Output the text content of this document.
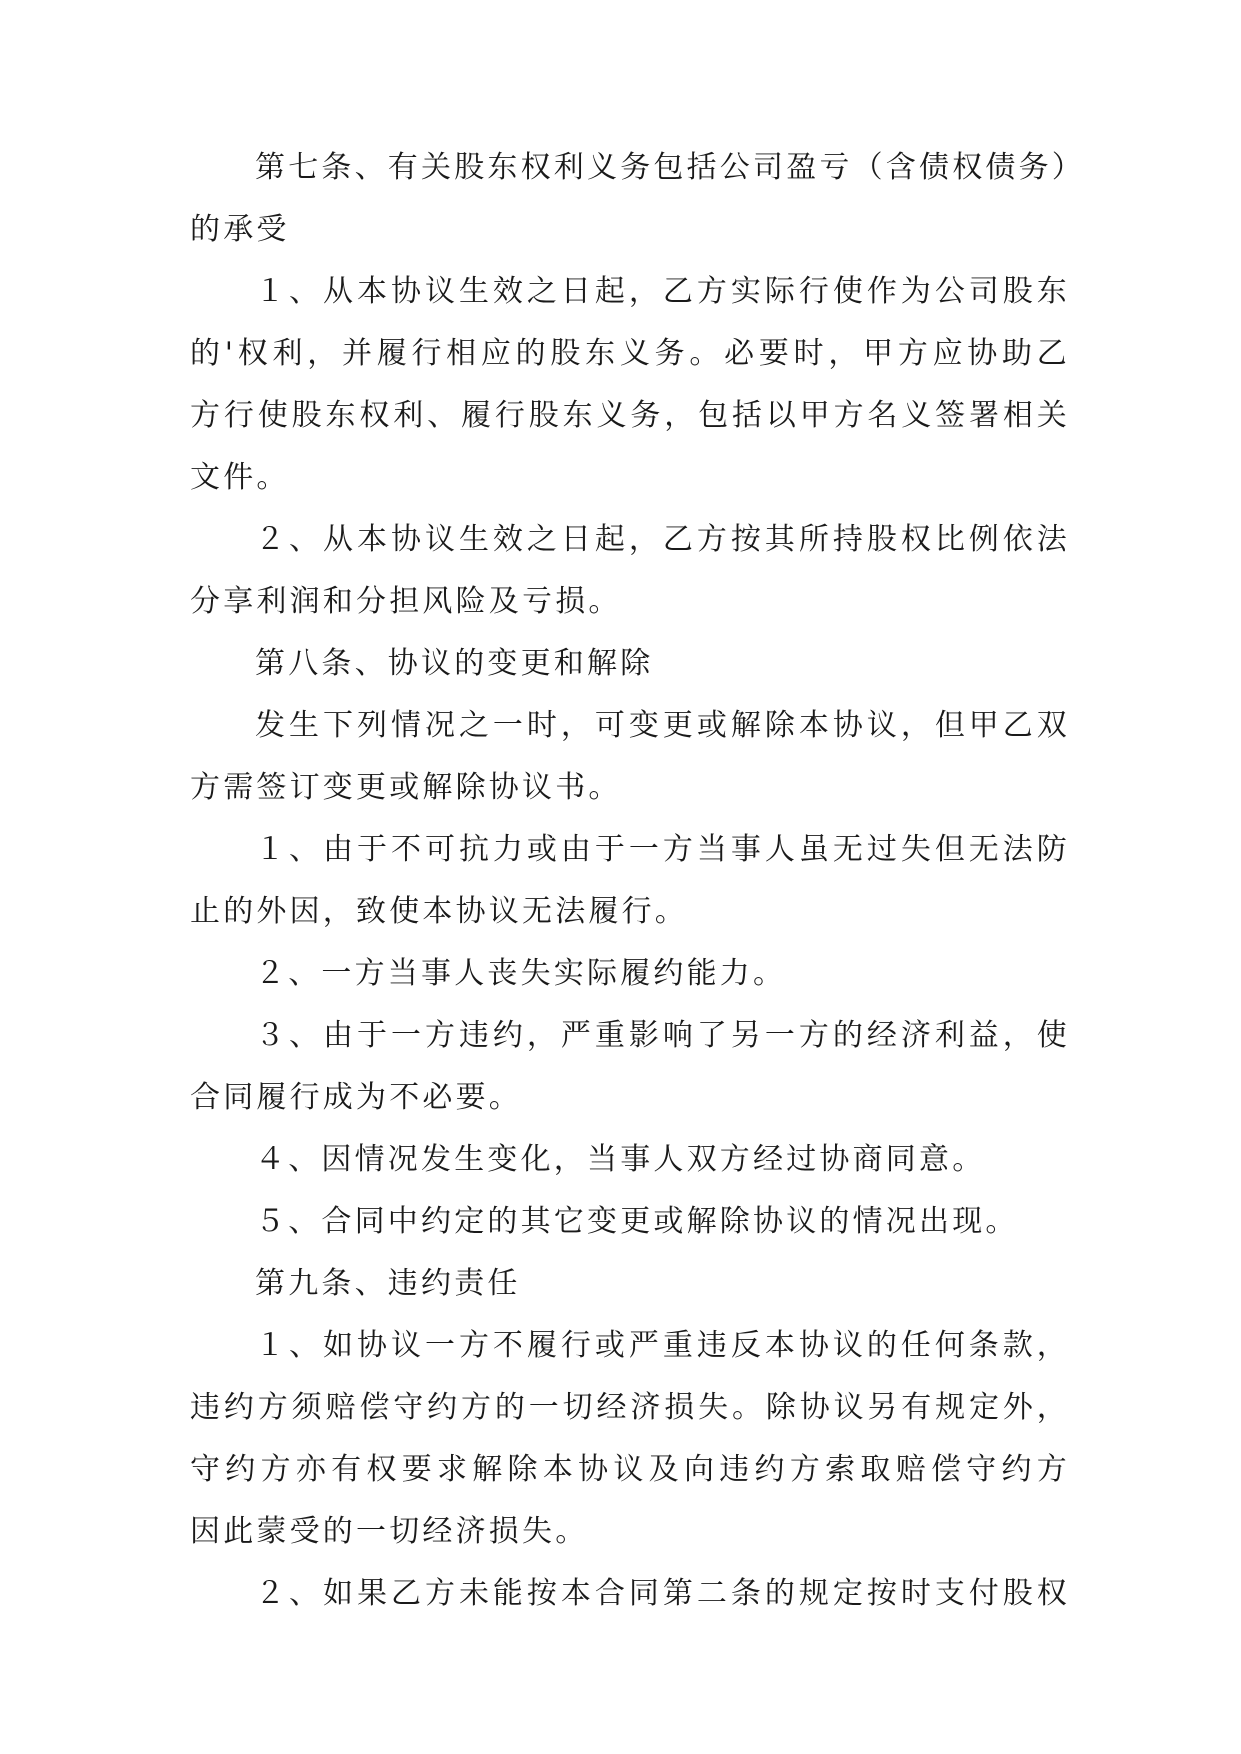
第七条、有关股东权利义务包括公司盈亏（含债权债务）
的承受
１、从本协议生效之日起，乙方实际行使作为公司股东
的'权利，并履行相应的股东义务。必要时，甲方应协助乙
方行使股东权利、履行股东义务，包括以甲方名义签署相关
文件。
２、从本协议生效之日起，乙方按其所持股权比例依法
分享利润和分担风险及亏损。
第八条、协议的变更和解除
发生下列情况之一时，可变更或解除本协议，但甲乙双
方需签订变更或解除协议书。
１、由于不可抗力或由于一方当事人虽无过失但无法防
止的外因，致使本协议无法履行。
２、一方当事人丧失实际履约能力。
３、由于一方违约，严重影响了另一方的经济利益，使
合同履行成为不必要。
４、因情况发生变化，当事人双方经过协商同意。
５、合同中约定的其它变更或解除协议的情况出现。
第九条、违约责任
１、如协议一方不履行或严重违反本协议的任何条款，
违约方须赔偿守约方的一切经济损失。除协议另有规定外，
守约方亦有权要求解除本协议及向违约方索取赔偿守约方
因此蒙受的一切经济损失。
２、如果乙方未能按本合同第二条的规定按时支付股权
